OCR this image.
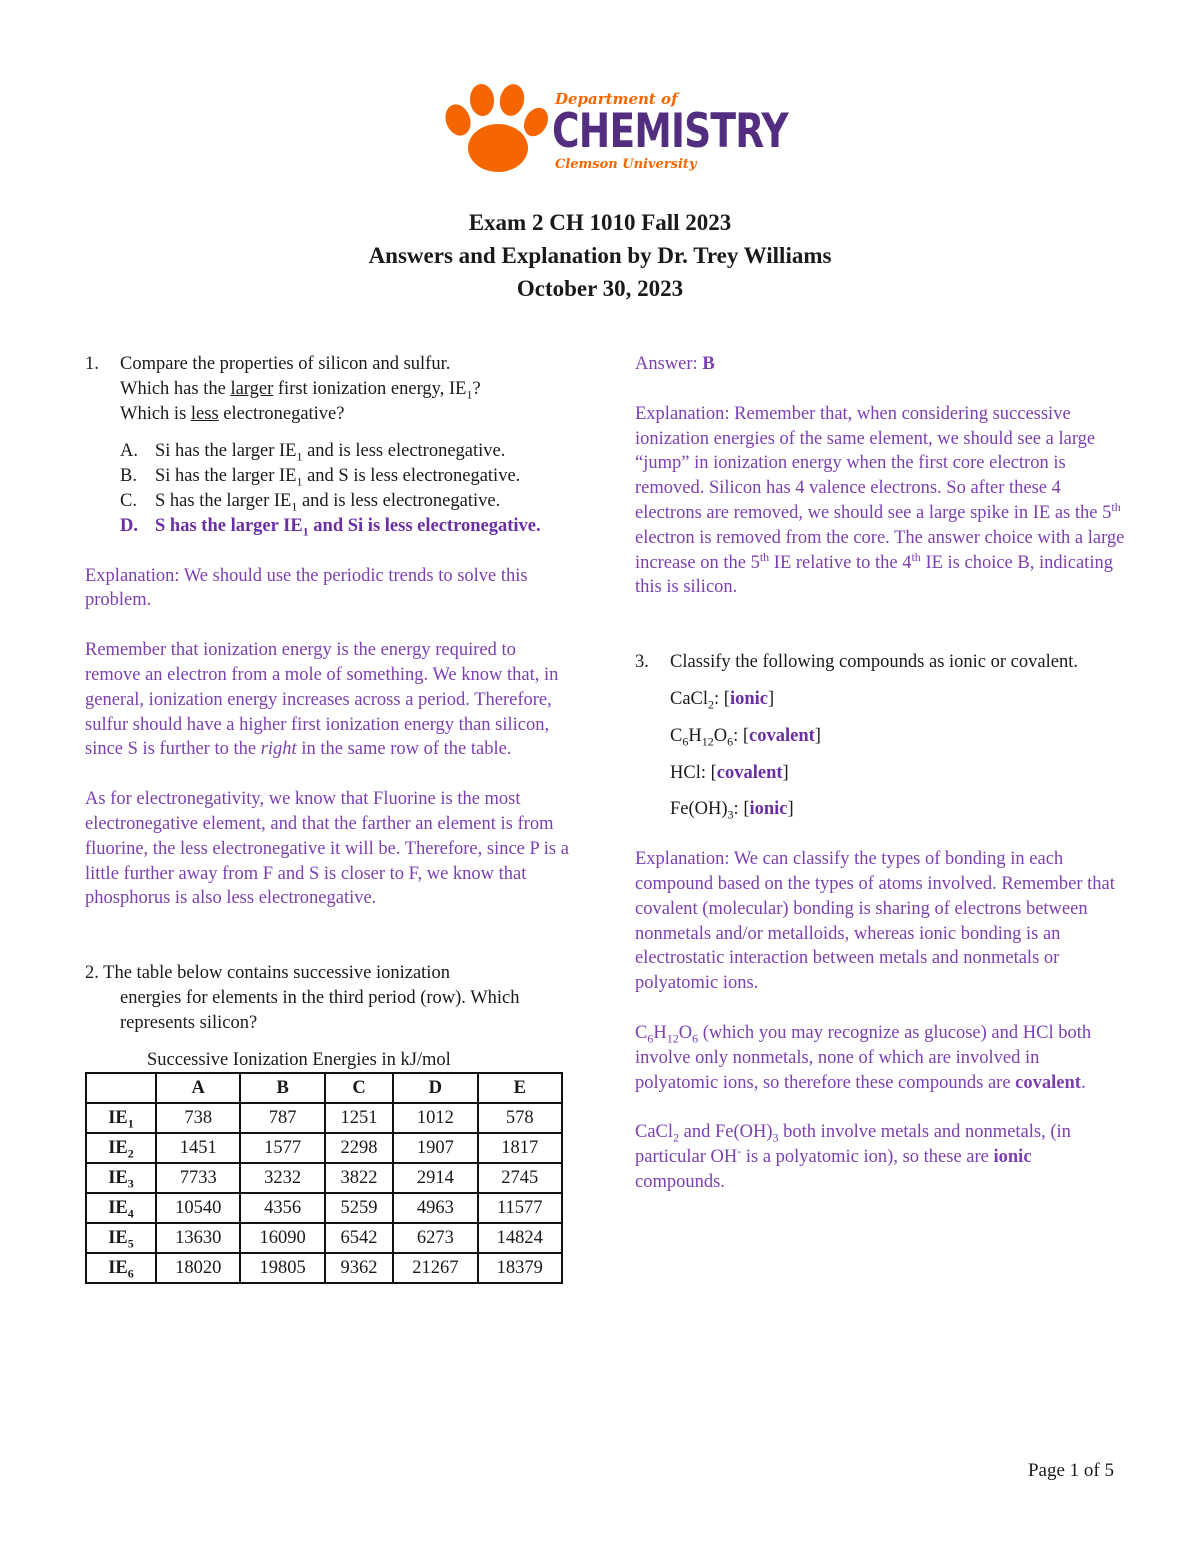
Department of
CHEMISTRY
Clemson University
Exam 2 CH 1010 Fall 2023
Answers and Explanation by Dr. Trey Williams
October 30, 2023
1. Compare the properties of silicon and sulfur.

Which has the larger first ionization energy, $IE_1$?

Which is less electronegative?

A. Si has the larger $IE_1$ and is less electronegative.
B. Si has the larger $IE_1$ and S is less electronegative.
C. S has the larger $IE_1$ and is less electronegative.
D. S has the larger $IE_1$ and Si is less electronegative.

Explanation: We should use the periodic trends to solve this problem.

Remember that ionization energy is the energy required to remove an electron from a mole of something. We know that, in general, ionization energy increases across a period. Therefore, sulfur should have a higher first ionization energy than silicon, since S is further to the right in the same row of the table.

As for electronegativity, we know that Fluorine is the most electronegative element, and that the farther an element is from fluorine, the less electronegative it will be. Therefore, since P is a little further away from F and S is closer to F, we know that phosphorus is also less electronegative.

2. The table below contains successive ionization

energies for elements in the third period (row). Which represents silicon?

Successive Ionization Energies in kJ/mol

	A	B	C	D	E
$IE_1$	738	787	1251	1012	578
$IE_2$	1451	1577	2298	1907	1817
$IE_3$	7733	3232	3822	2914	2745
$IE_4$	10540	4356	5259	4963	11577
$IE_5$	13630	16090	6542	6273	14824
$IE_6$	18020	19805	9362	21267	18379

Answer: B

Explanation: Remember that, when considering successive ionization energies of the same element, we should see a large “jump” in ionization energy when the first core electron is removed. Silicon has 4 valence electrons. So after these 4 electrons are removed, we should see a large spike in IE as the 5th electron is removed from the core. The answer choice with a large increase on the 5th IE relative to the 4th IE is choice B, indicating this is silicon.

3.	Classify the following compounds as ionic or covalent.

CaCl$_2$: [ionic]

$C_6H_{12}O_6$: [covalent]

HCl: [covalent]

$Fe(OH)_3$: [ionic]

Explanation: We can classify the types of bonding in each compound based on the types of atoms involved. Remember that covalent (molecular) bonding is sharing of electrons between nonmetals and/or metalloids, whereas ionic bonding is an electrostatic interaction between metals and nonmetals or polyatomic ions.

$C_6H_{12}O_6$ (which you may recognize as glucose) and HCl both involve only nonmetals, none of which are involved in polyatomic ions, so therefore these compounds are covalent.

CaCl$_2$ and $Fe(OH)_3$ both involve metals and nonmetals, (in particular OH- is a polyatomic ion), so these are ionic compounds.

Page 1 of 5
